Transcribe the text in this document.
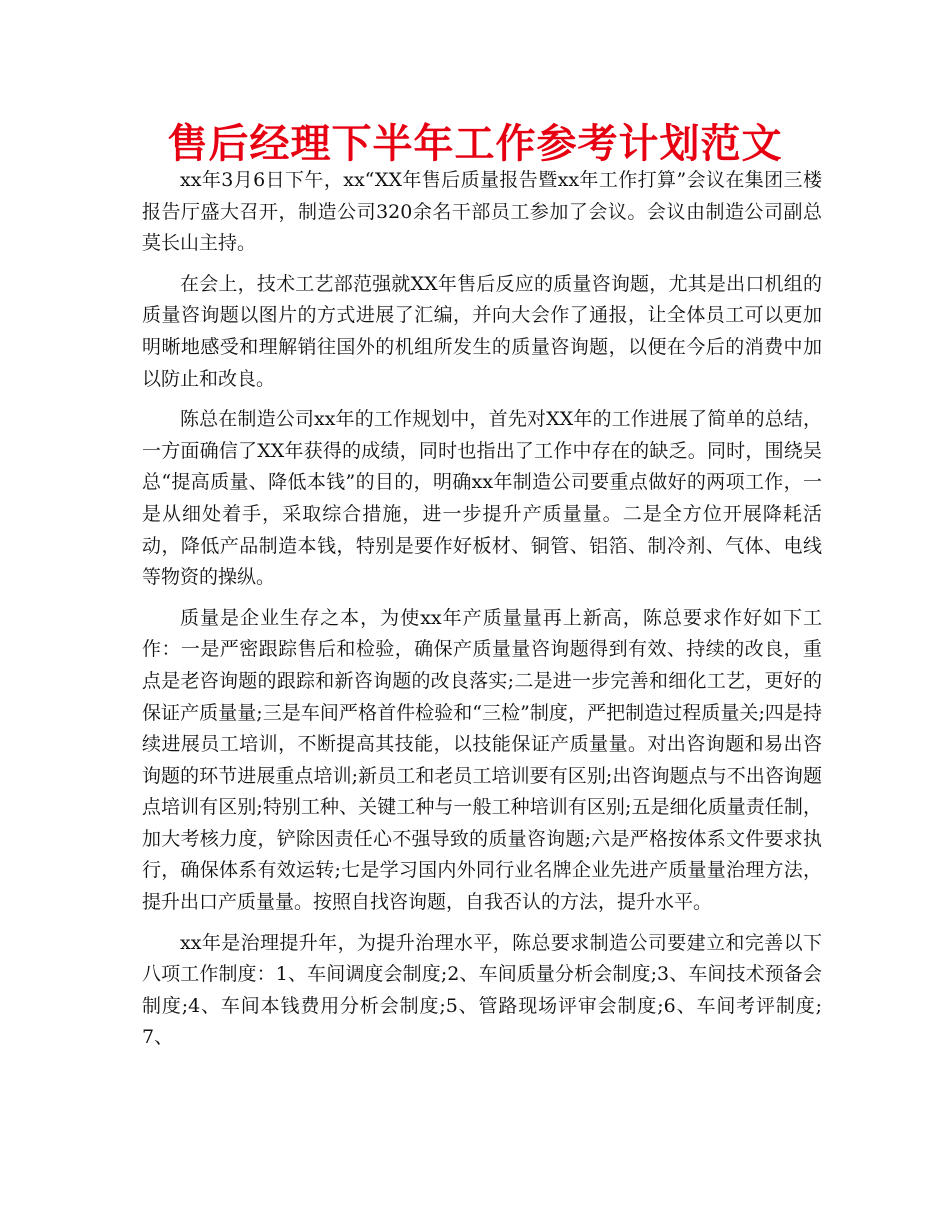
售后经理下半年工作参考计划范文

xx年3月6日下午，xx“XX年售后质量报告暨xx年工作打算”会议在集团三楼报告厅盛大召开，制造公司320余名干部员工参加了会议。会议由制造公司副总莫长山主持。

在会上，技术工艺部范强就XX年售后反应的质量咨询题，尤其是出口机组的质量咨询题以图片的方式进展了汇编，并向大会作了通报，让全体员工可以更加明晰地感受和理解销往国外的机组所发生的质量咨询题，以便在今后的消费中加以防止和改良。

陈总在制造公司xx年的工作规划中，首先对XX年的工作进展了简单的总结，一方面确信了XX年获得的成绩，同时也指出了工作中存在的缺乏。同时，围绕吴总“提高质量、降低本钱”的目的，明确xx年制造公司要重点做好的两项工作，一是从细处着手，采取综合措施，进一步提升产质量量。二是全方位开展降耗活动，降低产品制造本钱，特别是要作好板材、铜管、铝箔、制冷剂、气体、电线等物资的操纵。

质量是企业生存之本，为使xx年产质量量再上新高，陈总要求作好如下工作：一是严密跟踪售后和检验，确保产质量量咨询题得到有效、持续的改良，重点是老咨询题的跟踪和新咨询题的改良落实;二是进一步完善和细化工艺，更好的保证产质量量;三是车间严格首件检验和“三检”制度，严把制造过程质量关;四是持续进展员工培训，不断提高其技能，以技能保证产质量量。对出咨询题和易出咨询题的环节进展重点培训;新员工和老员工培训要有区别;出咨询题点与不出咨询题点培训有区别;特别工种、关键工种与一般工种培训有区别;五是细化质量责任制，加大考核力度，铲除因责任心不强导致的质量咨询题;六是严格按体系文件要求执行，确保体系有效运转;七是学习国内外同行业名牌企业先进产质量量治理方法，提升出口产质量量。按照自找咨询题，自我否认的方法，提升水平。

xx年是治理提升年，为提升治理水平，陈总要求制造公司要建立和完善以下八项工作制度：1、车间调度会制度;2、车间质量分析会制度;3、车间技术预备会制度;4、车间本钱费用分析会制度;5、管路现场评审会制度;6、车间考评制度;7、
